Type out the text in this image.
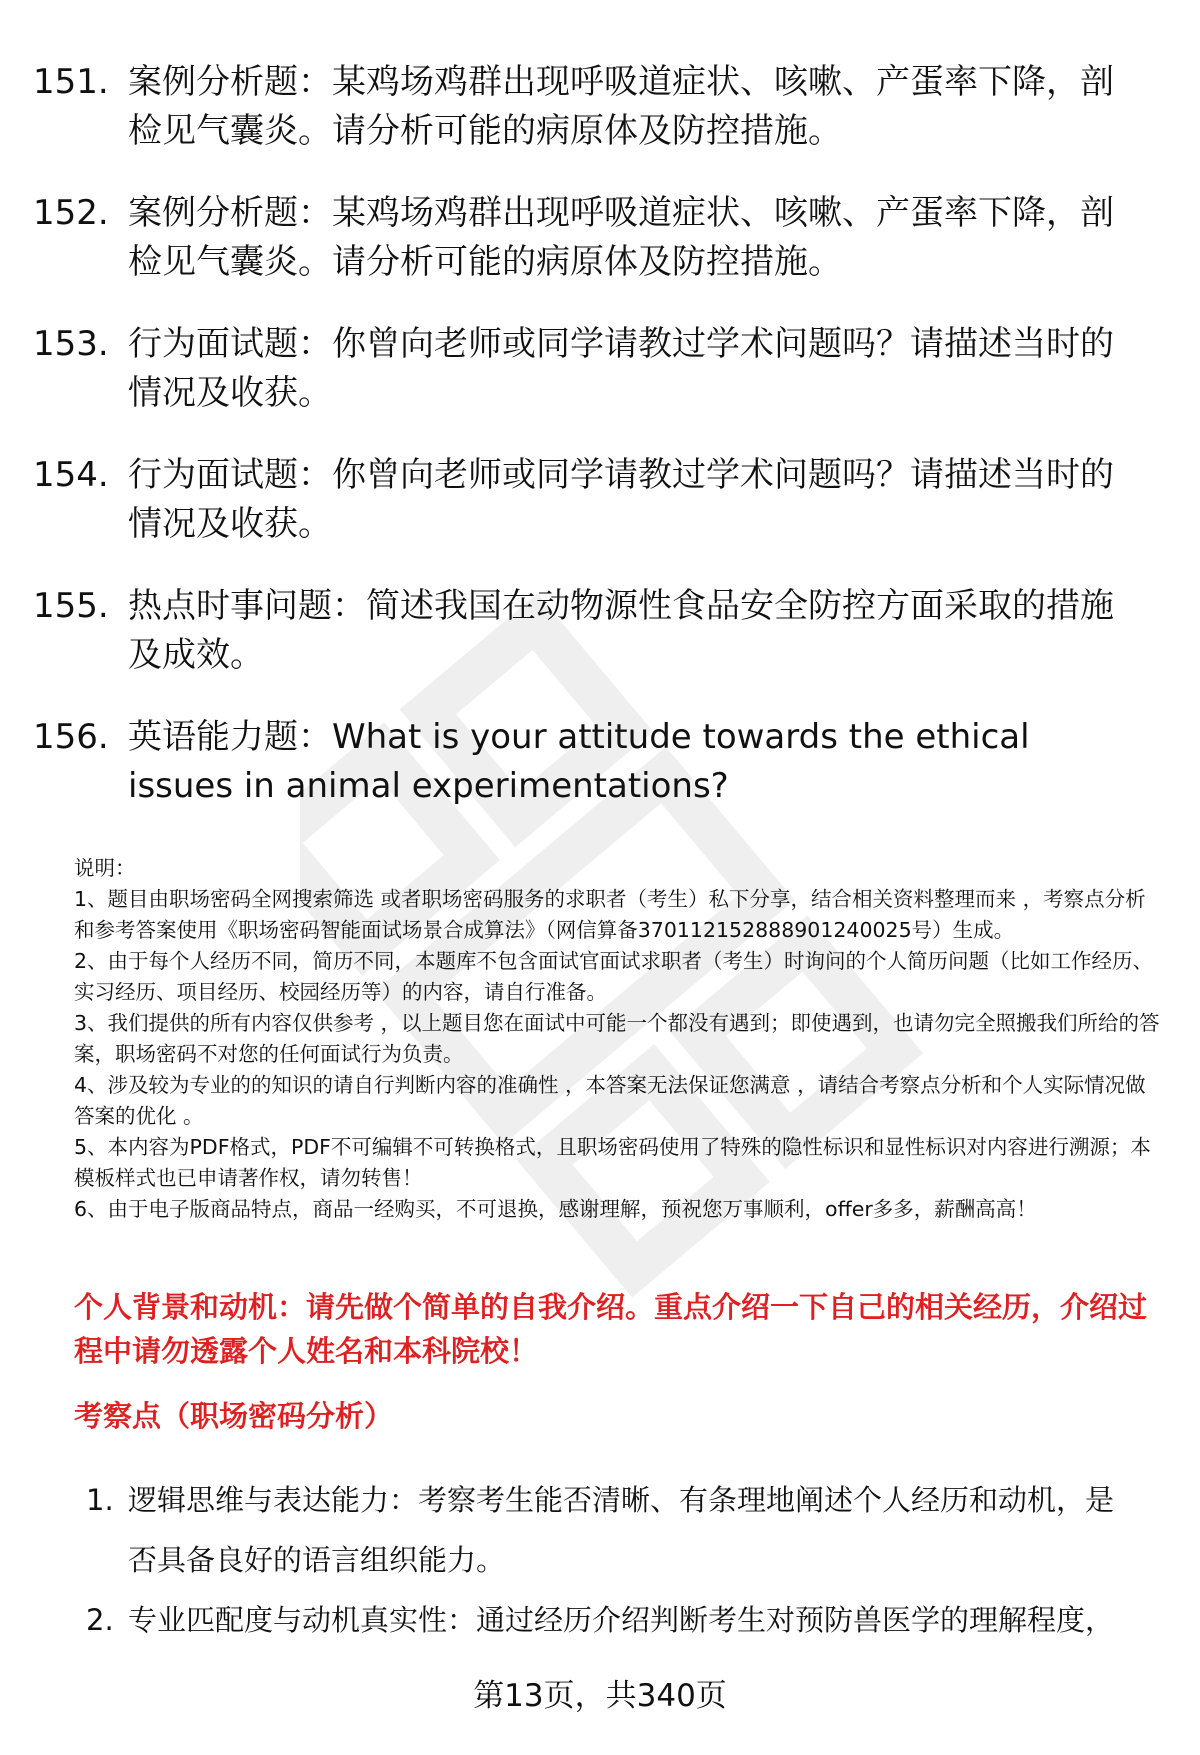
151. 案例分析题：某鸡场鸡群出现呼吸道症状、咳嗽、产蛋率下降，剖检见气囊炎。请分析可能的病原体及防控措施。
152. 案例分析题：某鸡场鸡群出现呼吸道症状、咳嗽、产蛋率下降，剖检见气囊炎。请分析可能的病原体及防控措施。
153. 行为面试题：你曾向老师或同学请教过学术问题吗？请描述当时的情况及收获。
154. 行为面试题：你曾向老师或同学请教过学术问题吗？请描述当时的情况及收获。
155. 热点时事问题：简述我国在动物源性食品安全防控方面采取的措施及成效。
156. 英语能力题：What is your attitude towards the ethical issues in animal experimentations?

说明：

1、题目由职场密码全网搜索筛选 或者职场密码服务的求职者（考生）私下分享，结合相关资料整理而来 ，考察点分析和参考答案使用《职场密码智能面试场景合成算法》（网信算备370112152888901240025号）生成。

2、由于每个人经历不同，简历不同，本题库不包含面试官面试求职者（考生）时询问的个人简历问题（比如工作经历、实习经历、项目经历、校园经历等）的内容，请自行准备。

3、我们提供的所有内容仅供参考 ，以上题目您在面试中可能一个都没有遇到；即使遇到，也请勿完全照搬我们所给的答案，职场密码不对您的任何面试行为负责。

4、涉及较为专业的的知识的请自行判断内容的准确性 ，本答案无法保证您满意 ，请结合考察点分析和个人实际情况做答案的优化 。

5、本内容为PDF格式，PDF不可编辑不可转换格式，且职场密码使用了特殊的隐性标识和显性标识对内容进行溯源；本模板样式也已申请著作权，请勿转售！

6、由于电子版商品特点，商品一经购买，不可退换，感谢理解，预祝您万事顺利，offer多多，薪酬高高！

个人背景和动机：请先做个简单的自我介绍。重点介绍一下自己的相关经历，介绍过程中请勿透露个人姓名和本科院校！
考察点（职场密码分析）
1. 逻辑思维与表达能力：考察考生能否清晰、有条理地阐述个人经历和动机，是否具备良好的语言组织能力。
2. 专业匹配度与动机真实性：通过经历介绍判断考生对预防兽医学的理解程度，
第13页，共340页
